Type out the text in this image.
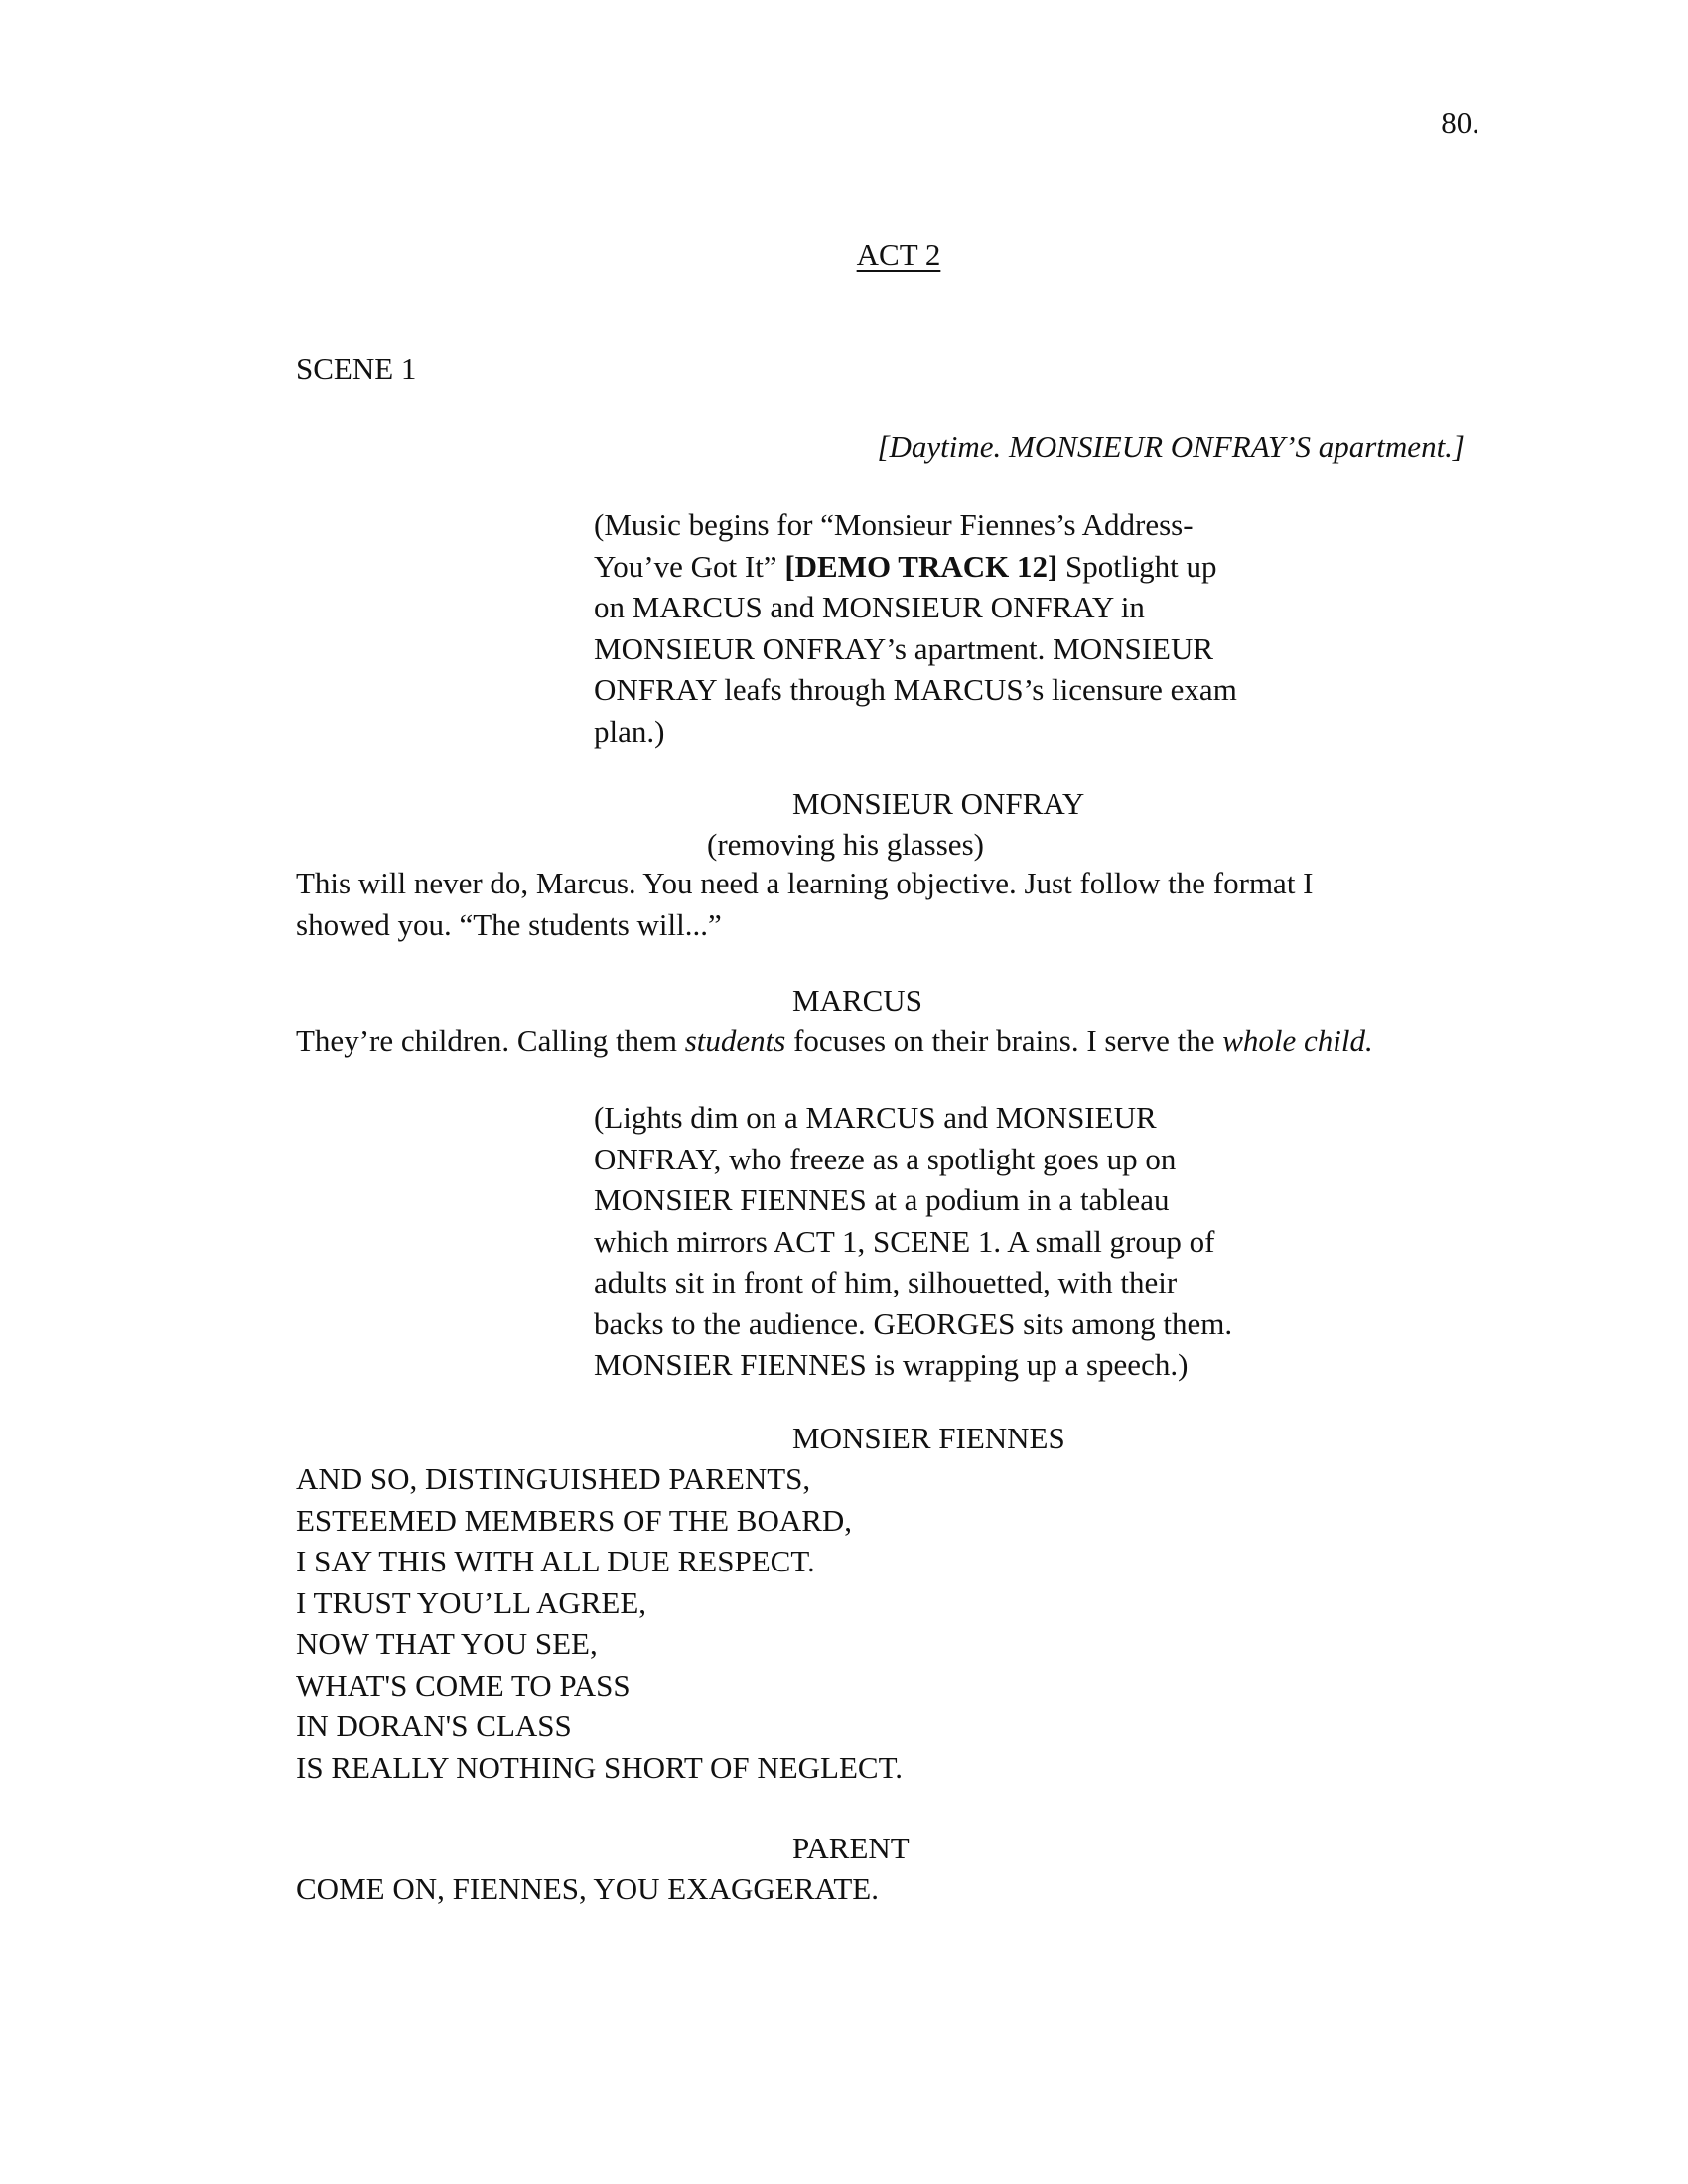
80.

ACT 2

SCENE 1

[Daytime. MONSIEUR ONFRAY’S apartment.]

(Music begins for “Monsieur Fiennes’s Address-
You’ve Got It” [DEMO TRACK 12] Spotlight up
on MARCUS and MONSIEUR ONFRAY in
MONSIEUR ONFRAY’s apartment. MONSIEUR
ONFRAY leafs through MARCUS’s licensure exam
plan.)

MONSIEUR ONFRAY

(removing his glasses)

This will never do, Marcus. You need a learning objective. Just follow the format I
showed you. “The students will...”

MARCUS

They’re children. Calling them students focuses on their brains. I serve the whole child.
(Lights dim on a MARCUS and MONSIEUR
ONFRAY, who freeze as a spotlight goes up on
MONSIER FIENNES at a podium in a tableau
which mirrors ACT 1, SCENE 1. A small group of
adults sit in front of him, silhouetted, with their
backs to the audience. GEORGES sits among them.
MONSIER FIENNES is wrapping up a speech.)

MONSIER FIENNES

AND SO, DISTINGUISHED PARENTS,
ESTEEMED MEMBERS OF THE BOARD,
I SAY THIS WITH ALL DUE RESPECT.
I TRUST YOU’LL AGREE,
NOW THAT YOU SEE,
WHAT'S COME TO PASS
IN DORAN'S CLASS
IS REALLY NOTHING SHORT OF NEGLECT.

PARENT

COME ON, FIENNES, YOU EXAGGERATE.
